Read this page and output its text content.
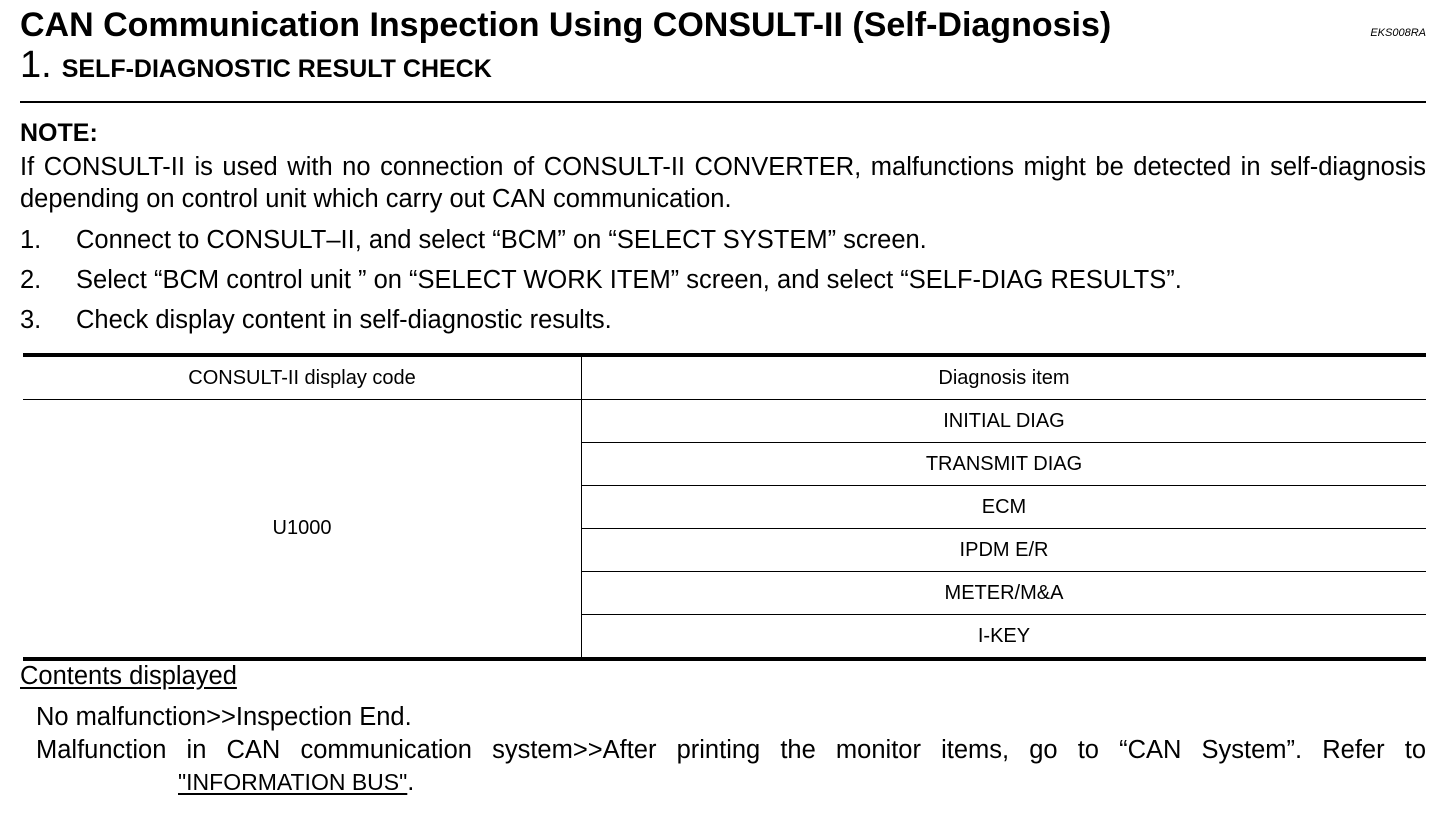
CAN Communication Inspection Using CONSULT-II (Self-Diagnosis)	EKS008RA
1. SELF-DIAGNOSTIC RESULT CHECK
NOTE:
If CONSULT-II is used with no connection of CONSULT-II CONVERTER, malfunctions might be detected in self-diagnosis depending on control unit which carry out CAN communication.
1. Connect to CONSULT–II, and select “BCM” on “SELECT SYSTEM” screen.
2. Select “BCM control unit ” on “SELECT WORK ITEM” screen, and select “SELF-DIAG RESULTS”.
3. Check display content in self-diagnostic results.
CONSULT-II display code	Diagnosis item
U1000	INITIAL DIAG
	TRANSMIT DIAG
	ECM
	IPDM E/R
	METER/M&A
	I-KEY
Contents displayed
No malfunction>>Inspection End.
Malfunction in CAN communication system>>After printing the monitor items, go to “CAN System”. Refer to
"INFORMATION BUS".
